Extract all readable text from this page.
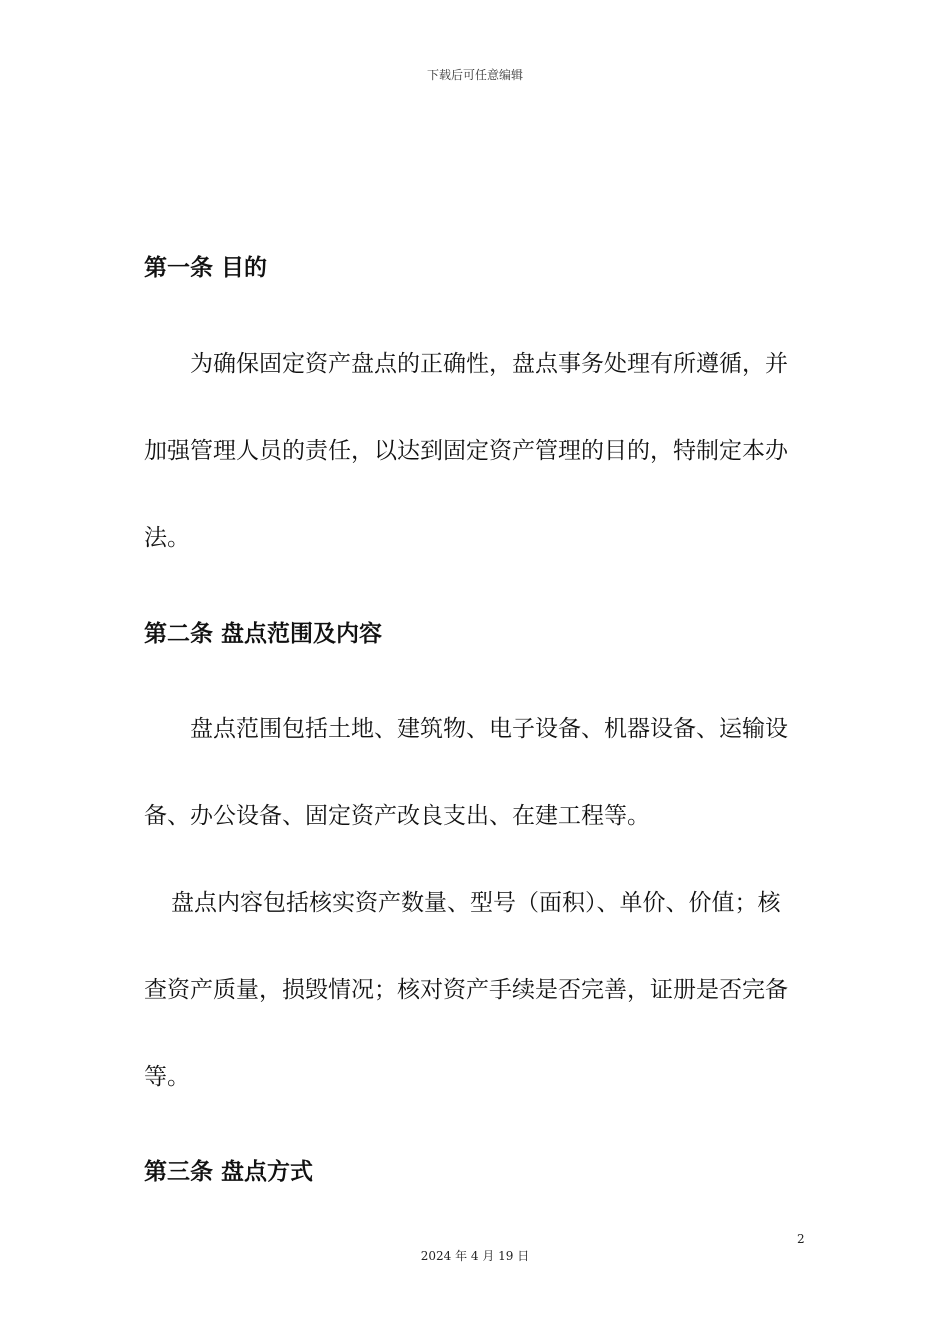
下载后可任意编辑
第一条 目的
为确保固定资产盘点的正确性，盘点事务处理有所遵循，并
加强管理人员的责任，以达到固定资产管理的目的，特制定本办
法。
第二条 盘点范围及内容
盘点范围包括土地、建筑物、电子设备、机器设备、运输设
备、办公设备、固定资产改良支出、在建工程等。
盘点内容包括核实资产数量、型号（面积）、单价、价值；核
查资产质量，损毁情况；核对资产手续是否完善，证册是否完备
等。
第三条 盘点方式
2
2024 年 4 月 19 日
